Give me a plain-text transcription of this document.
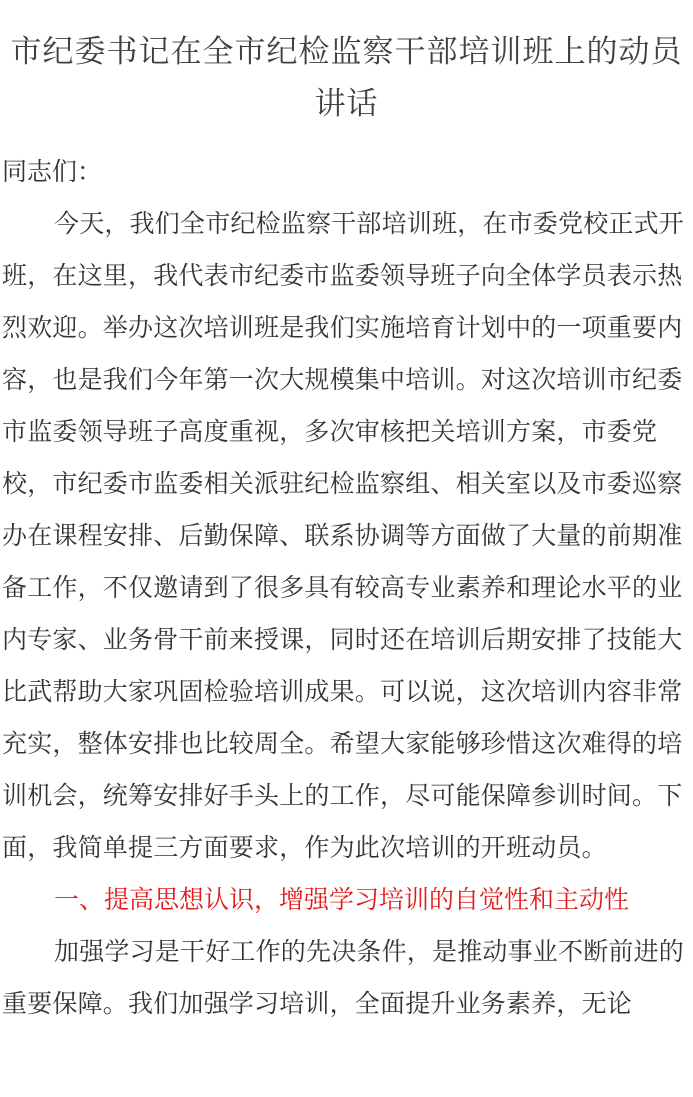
市纪委书记在全市纪检监察干部培训班上的动员讲话

同志们：

今天，我们全市纪检监察干部培训班，在市委党校正式开班，在这里，我代表市纪委市监委领导班子向全体学员表示热烈欢迎。举办这次培训班是我们实施培育计划中的一项重要内容，也是我们今年第一次大规模集中培训。对这次培训市纪委市监委领导班子高度重视，多次审核把关培训方案，市委党校，市纪委市监委相关派驻纪检监察组、相关室以及市委巡察办在课程安排、后勤保障、联系协调等方面做了大量的前期准备工作，不仅邀请到了很多具有较高专业素养和理论水平的业内专家、业务骨干前来授课，同时还在培训后期安排了技能大比武帮助大家巩固检验培训成果。可以说，这次培训内容非常充实，整体安排也比较周全。希望大家能够珍惜这次难得的培训机会，统筹安排好手头上的工作，尽可能保障参训时间。下面，我简单提三方面要求，作为此次培训的开班动员。

一、提高思想认识，增强学习培训的自觉性和主动性

加强学习是干好工作的先决条件，是推动事业不断前进的重要保障。我们加强学习培训，全面提升业务素养，无论
